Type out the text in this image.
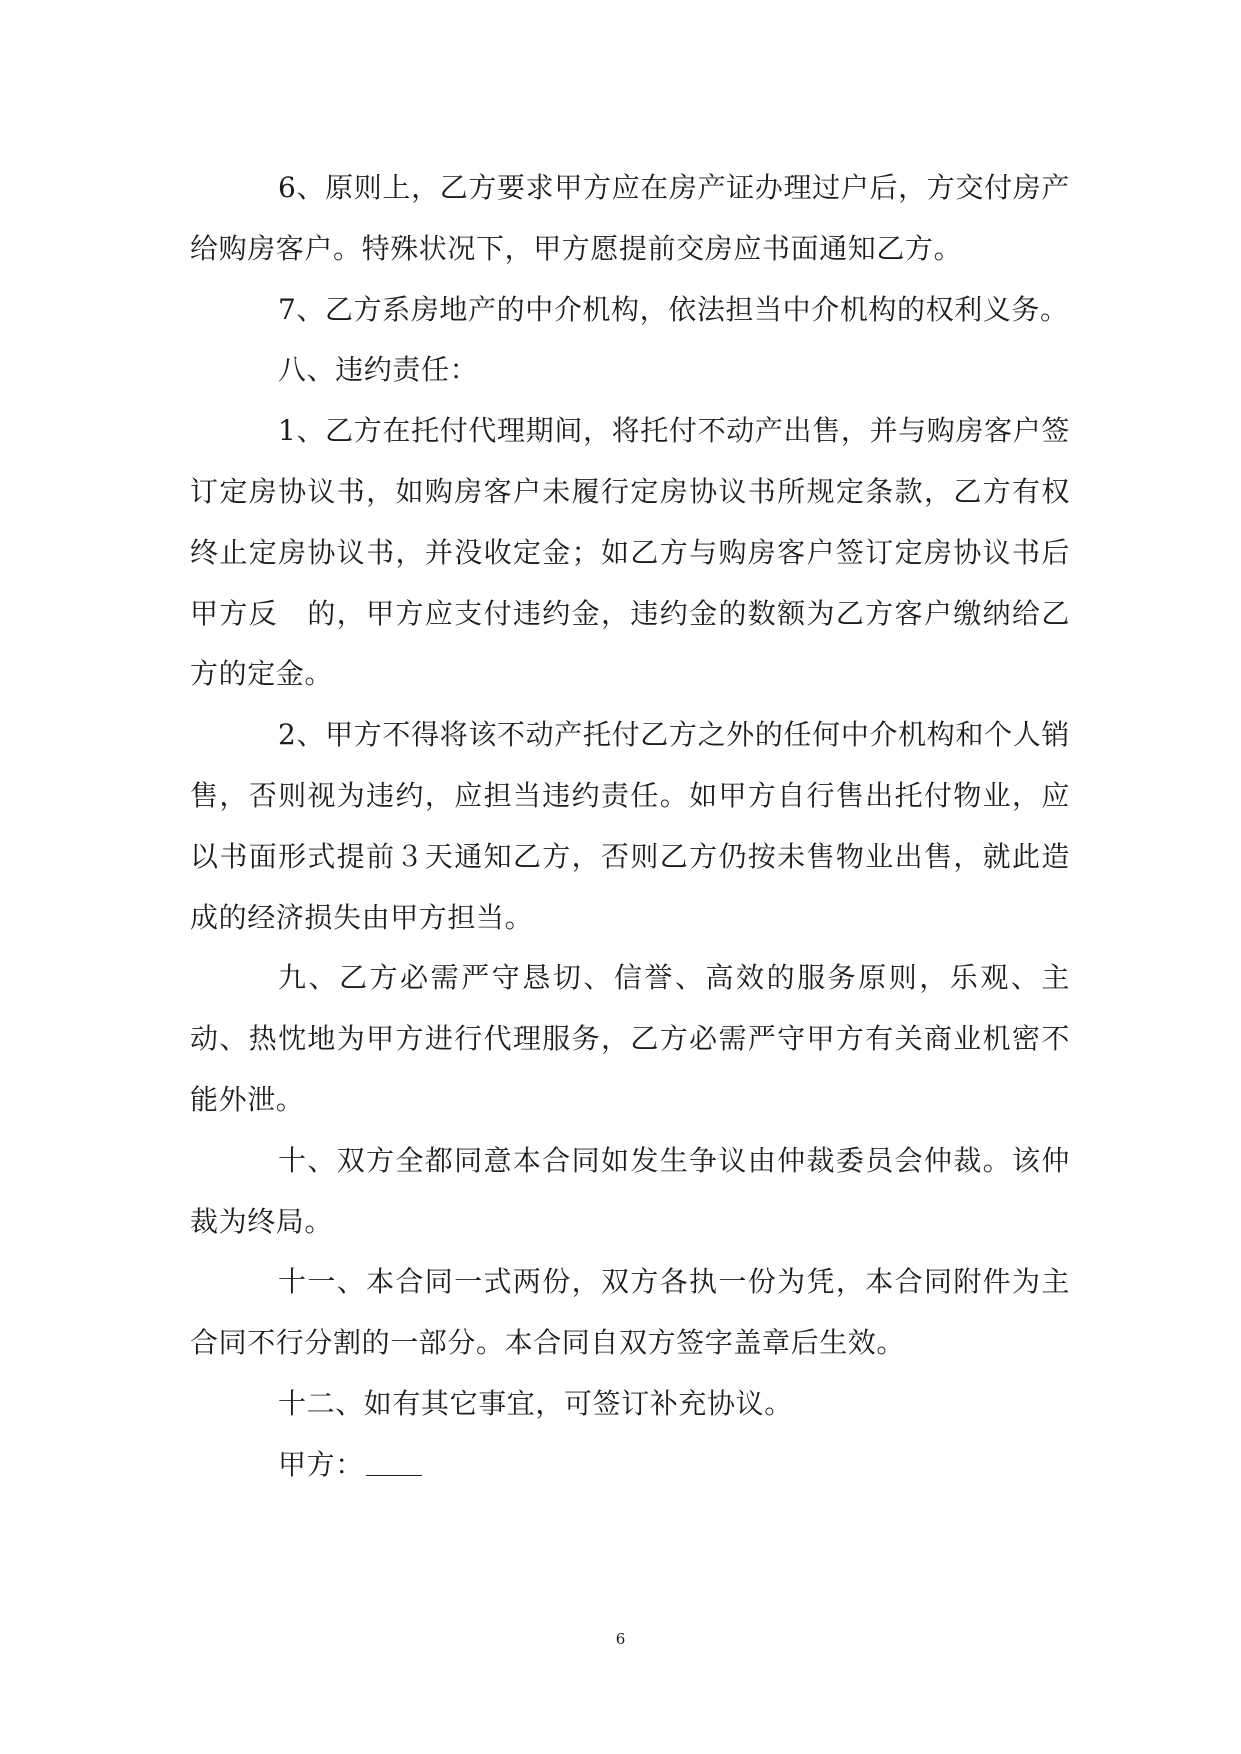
6、原则上，乙方要求甲方应在房产证办理过户后，方交付房产给购房客户。特殊状况下，甲方愿提前交房应书面通知乙方。

7、乙方系房地产的中介机构，依法担当中介机构的权利义务。

八、违约责任：

1、乙方在托付代理期间，将托付不动产出售，并与购房客户签订定房协议书，如购房客户未履行定房协议书所规定条款，乙方有权终止定房协议书，并没收定金；如乙方与购房客户签订定房协议书后甲方反　的，甲方应支付违约金，违约金的数额为乙方客户缴纳给乙方的定金。

2、甲方不得将该不动产托付乙方之外的任何中介机构和个人销售，否则视为违约，应担当违约责任。如甲方自行售出托付物业，应以书面形式提前３天通知乙方，否则乙方仍按未售物业出售，就此造成的经济损失由甲方担当。

九、乙方必需严守恳切、信誉、高效的服务原则，乐观、主动、热忱地为甲方进行代理服务，乙方必需严守甲方有关商业机密不能外泄。

十、双方全都同意本合同如发生争议由仲裁委员会仲裁。该仲裁为终局。

十一、本合同一式两份，双方各执一份为凭，本合同附件为主合同不行分割的一部分。本合同自双方签字盖章后生效。

十二、如有其它事宜，可签订补充协议。

甲方：

6
